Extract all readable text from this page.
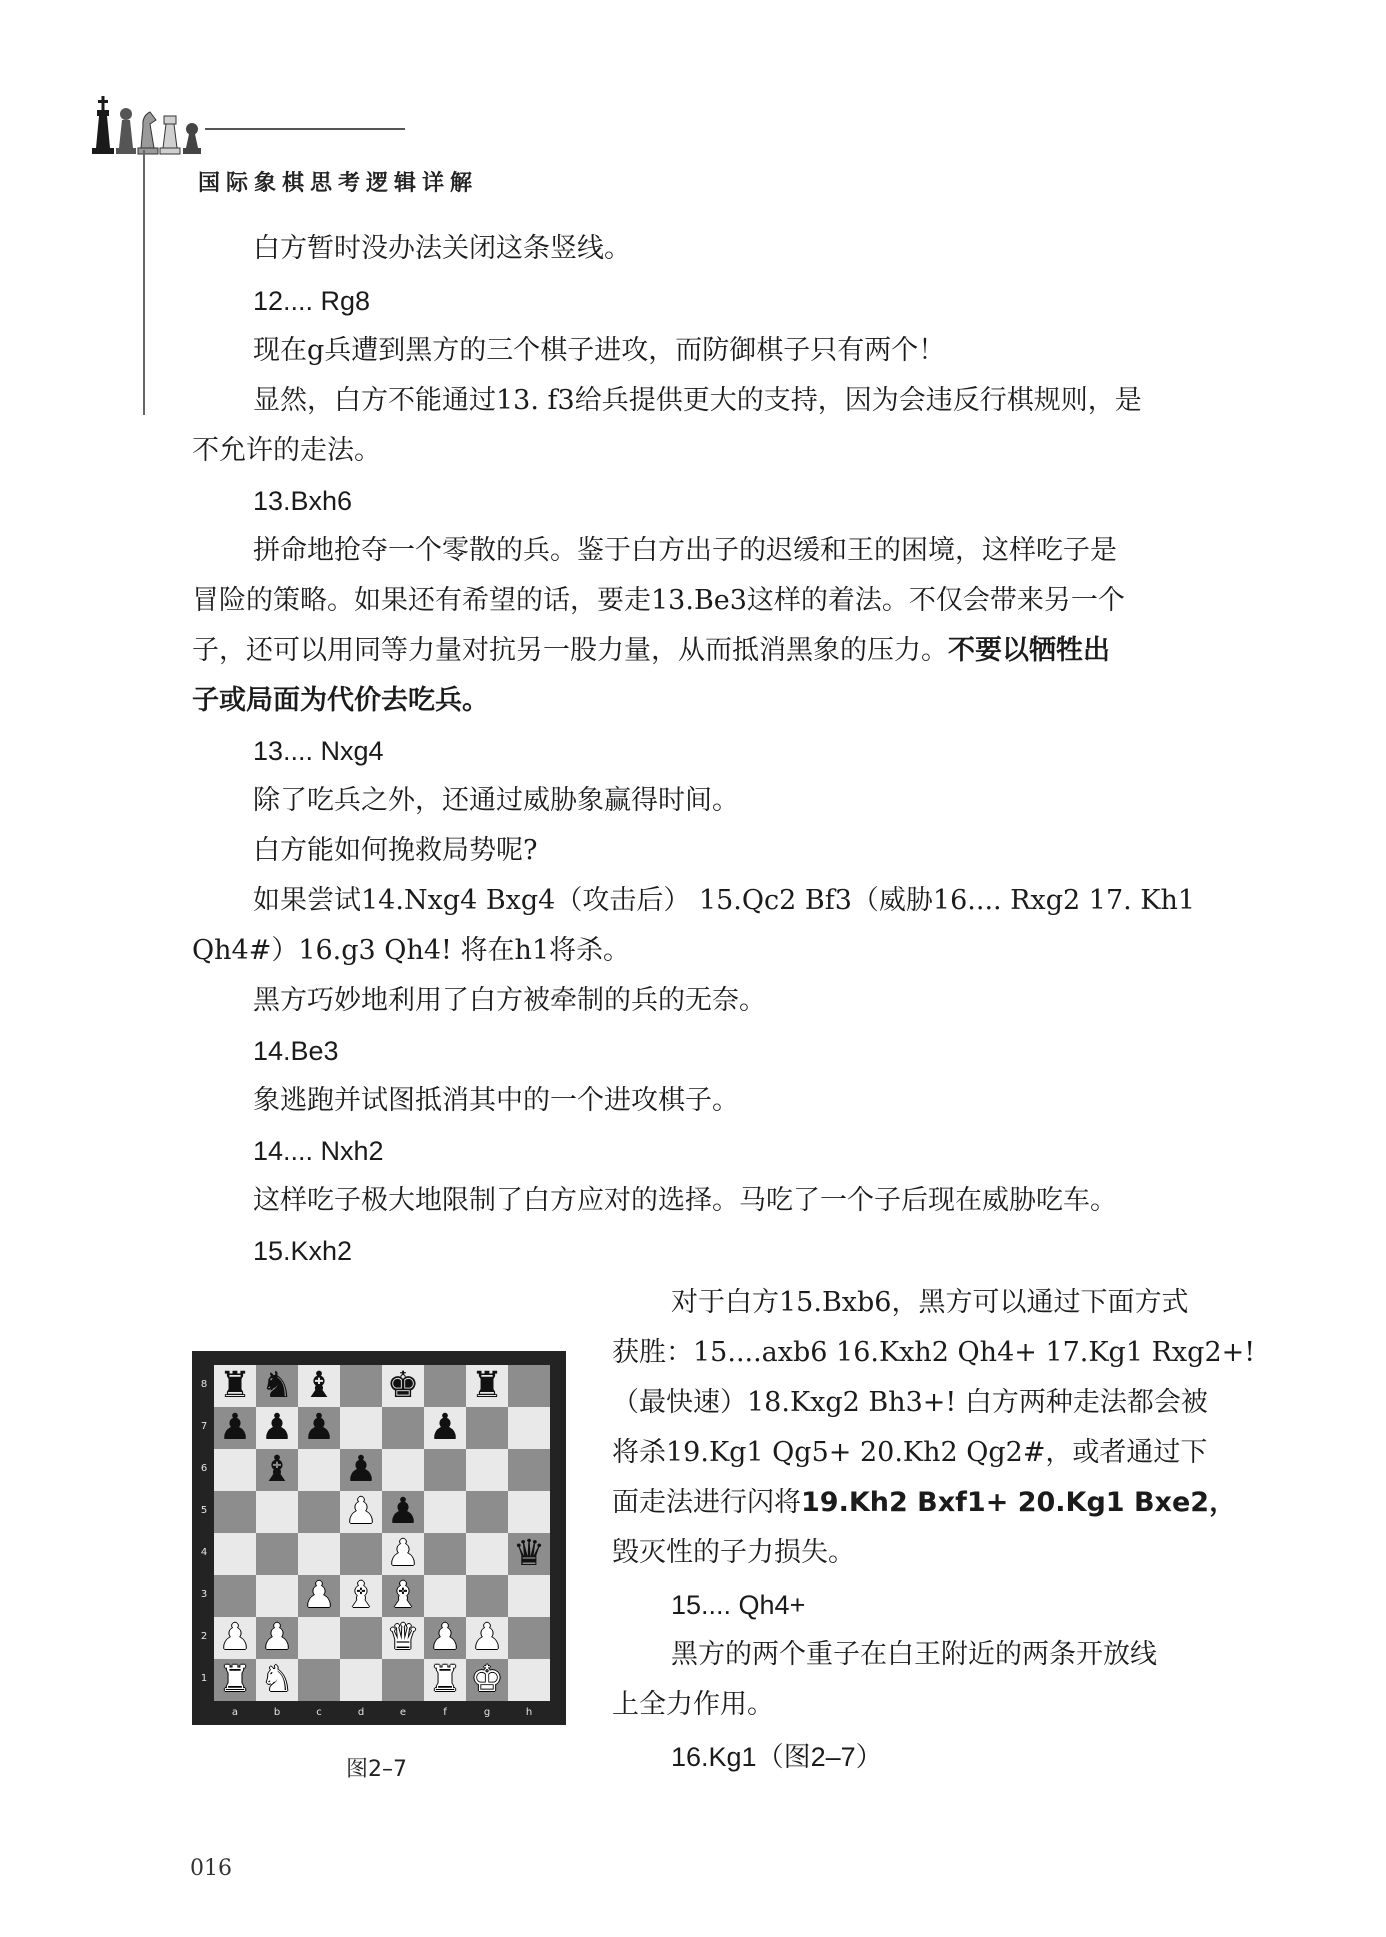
国际象棋思考逻辑详解
白方暂时没办法关闭这条竖线。
12.... Rg8
现在g兵遭到黑方的三个棋子进攻，而防御棋子只有两个！
显然，白方不能通过13. f3给兵提供更大的支持，因为会违反行棋规则，是
不允许的走法。
13.Bxh6
拼命地抢夺一个零散的兵。鉴于白方出子的迟缓和王的困境，这样吃子是
冒险的策略。如果还有希望的话，要走13.Be3这样的着法。不仅会带来另一个
子，还可以用同等力量对抗另一股力量，从而抵消黑象的压力。不要以牺牲出
子或局面为代价去吃兵。
13.... Nxg4
除了吃兵之外，还通过威胁象赢得时间。
白方能如何挽救局势呢?
如果尝试14.Nxg4 Bxg4（攻击后） 15.Qc2 Bf3（威胁16.... Rxg2 17. Kh1
Qh4#）16.g3 Qh4! 将在h1将杀。
黑方巧妙地利用了白方被牵制的兵的无奈。
14.Be3
象逃跑并试图抵消其中的一个进攻棋子。
14.... Nxh2
这样吃子极大地限制了白方应对的选择。马吃了一个子后现在威胁吃车。
15.Kxh2
对于白方15.Bxb6，黑方可以通过下面方式
获胜：15....axb6 16.Kxh2 Qh4+ 17.Kg1 Rxg2+!
（最快速）18.Kxg2 Bh3+! 白方两种走法都会被
将杀19.Kg1 Qg5+ 20.Kh2 Qg2#，或者通过下
面走法进行闪将19.Kh2 Bxf1+ 20.Kg1 Bxe2，
毁灭性的子力损失。
15.... Qh4+
黑方的两个重子在白王附近的两条开放线
上全力作用。
16.Kg1（图2–7）
♜ ♞ ♝ ♚ ♜
♟ ♟ ♟	♟
♝ ♟
♟ ♟
♟	♛
♟ ♝ ♝
♟ ♟	♛ ♟ ♟
♜ ♞	♜ ♚
8
7
6
5
4
3
2
1
a	b	c	d	e	f	g	h
图2–7
016
